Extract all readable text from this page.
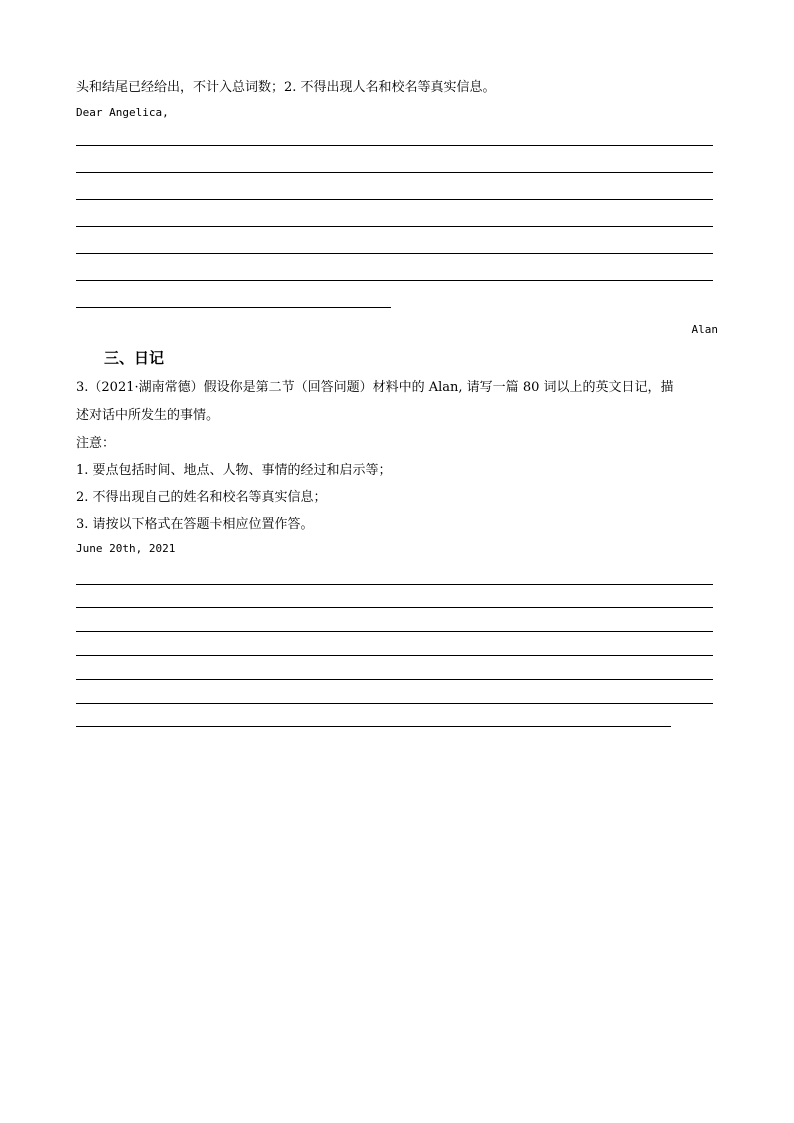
头和结尾已经给出，不计入总词数；2. 不得出现人名和校名等真实信息。
Dear Angelica,
Alan
三、日记
3.（2021·湖南常德）假设你是第二节（回答问题）材料中的 Alan, 请写一篇 80 词以上的英文日记，描
述对话中所发生的事情。
注意：
1. 要点包括时间、地点、人物、事情的经过和启示等；
2. 不得出现自己的姓名和校名等真实信息；
3. 请按以下格式在答题卡相应位置作答。
June 20th, 2021
